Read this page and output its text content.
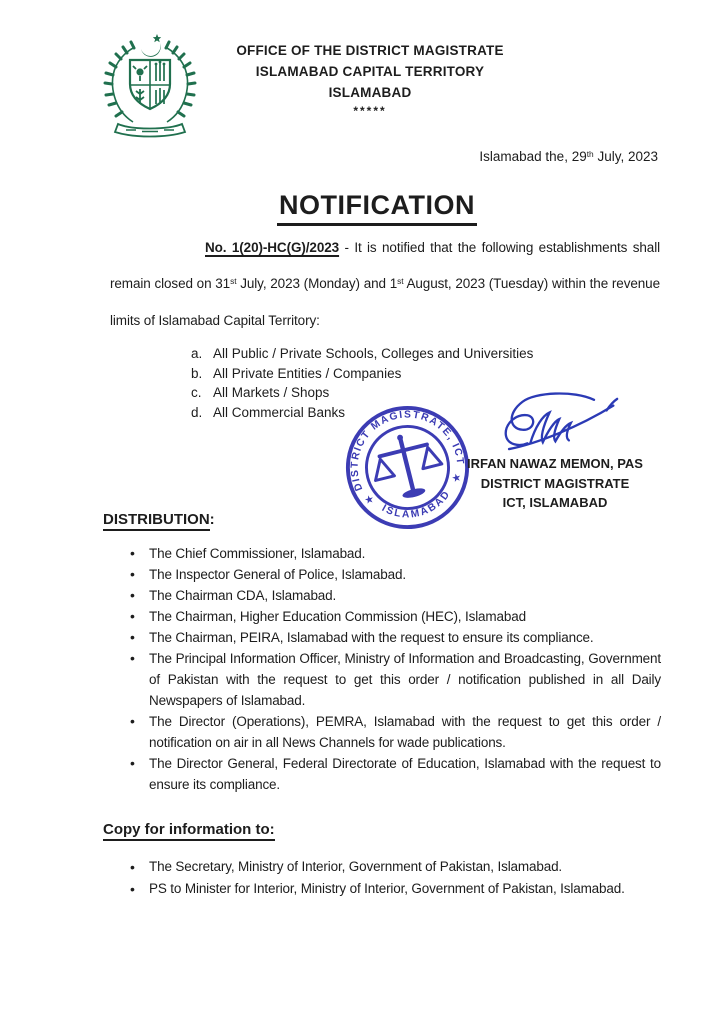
OFFICE OF THE DISTRICT MAGISTRATE
ISLAMABAD CAPITAL TERRITORY
ISLAMABAD
*****
Islamabad the, 29th July, 2023
NOTIFICATION
No. 1(20)-HC(G)/2023 - It is notified that the following establishments shall remain closed on 31st July, 2023 (Monday) and 1st August, 2023 (Tuesday) within the revenue limits of Islamabad Capital Territory:
a. All Public / Private Schools, Colleges and Universities
b. All Private Entities / Companies
c. All Markets / Shops
d. All Commercial Banks
DISTRICT MAGISTRATE, ICT
ISLAMABAD
★
★
IRFAN NAWAZ MEMON, PAS
DISTRICT MAGISTRATE
ICT, ISLAMABAD
DISTRIBUTION:
•	The Chief Commissioner, Islamabad.
•	The Inspector General of Police, Islamabad.
•	The Chairman CDA, Islamabad.
•	The Chairman, Higher Education Commission (HEC), Islamabad
•	The Chairman, PEIRA, Islamabad with the request to ensure its compliance.
•	The Principal Information Officer, Ministry of Information and Broadcasting, Government of Pakistan with the request to get this order / notification published in all Daily Newspapers of Islamabad.
•	The Director (Operations), PEMRA, Islamabad with the request to get this order / notification on air in all News Channels for wade publications.
•	The Director General, Federal Directorate of Education, Islamabad with the request to ensure its compliance.
Copy for information to:
•	The Secretary, Ministry of Interior, Government of Pakistan, Islamabad.
•	PS to Minister for Interior, Ministry of Interior, Government of Pakistan, Islamabad.
